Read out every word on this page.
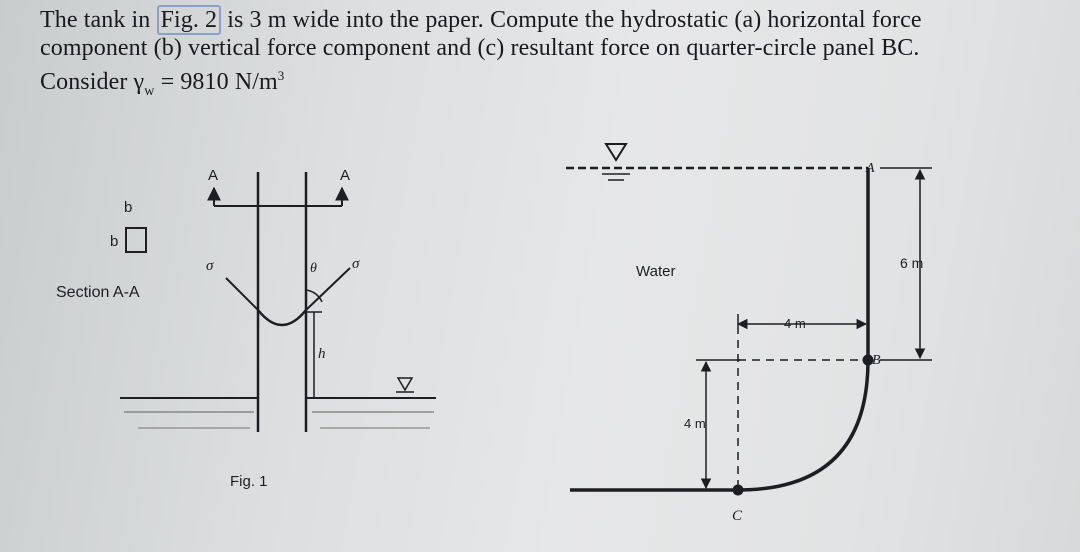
The tank in Fig. 2 is 3 m wide into the paper. Compute the hydrostatic (a) horizontal force

component (b) vertical force component and (c) resultant force on quarter-circle panel BC.

Consider $\gamma_w = 9810$ $N/m^3$

b
b
Section A-A
A	A
σ	σ
θ
h
Fig. 1
Water	6 m
4 m
4 m
A
B
C
